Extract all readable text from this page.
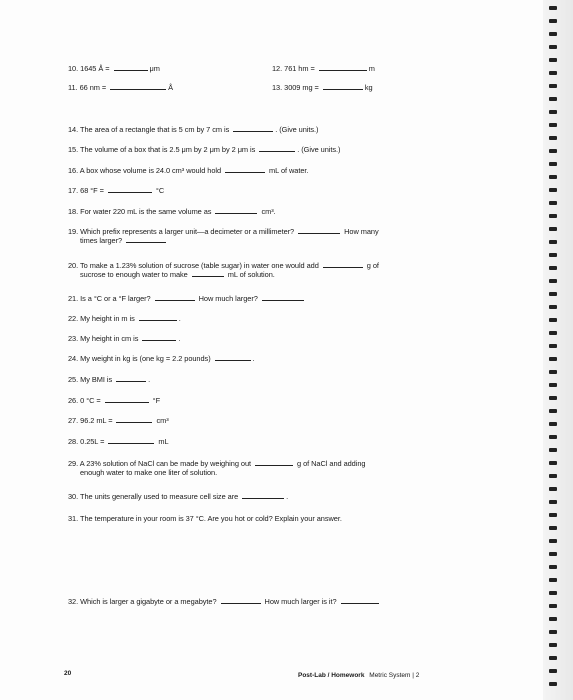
10. 1645 Å =	μm	12. 761 hm =	m
11. 66 nm =	Å	13. 3009 mg =	kg
14. The area of a rectangle that is 5 cm by 7 cm is	. (Give units.)
15. The volume of a box that is 2.5 μm by 2 μm by 2 μm is	. (Give units.)
16. A box whose volume is 24.0 cm³ would hold	mL of water.
17. 68 °F =	°C
18. For water 220 mL is the same volume as	cm³.
19. Which prefix represents a larger unit—a decimeter or a millimeter?	How many
times larger?
20. To make a 1.23% solution of sucrose (table sugar) in water one would add	g of
sucrose to enough water to make	mL of solution.
21. Is a °C or a °F larger?	How much larger?
22. My height in m is	.
23. My height in cm is	.
24. My weight in kg is (one kg = 2.2 pounds)	.
25. My BMI is	.
26. 0 °C =	°F
27. 96.2 mL =	cm³
28. 0.25L =	mL
29. A 23% solution of NaCl can be made by weighing out	g of NaCl and adding
enough water to make one liter of solution.
30. The units generally used to measure cell size are	.
31. The temperature in your room is 37 °C. Are you hot or cold? Explain your answer.
32. Which is larger a gigabyte or a megabyte?	How much larger is it?
20	Post-Lab / Homework Metric System | 2
